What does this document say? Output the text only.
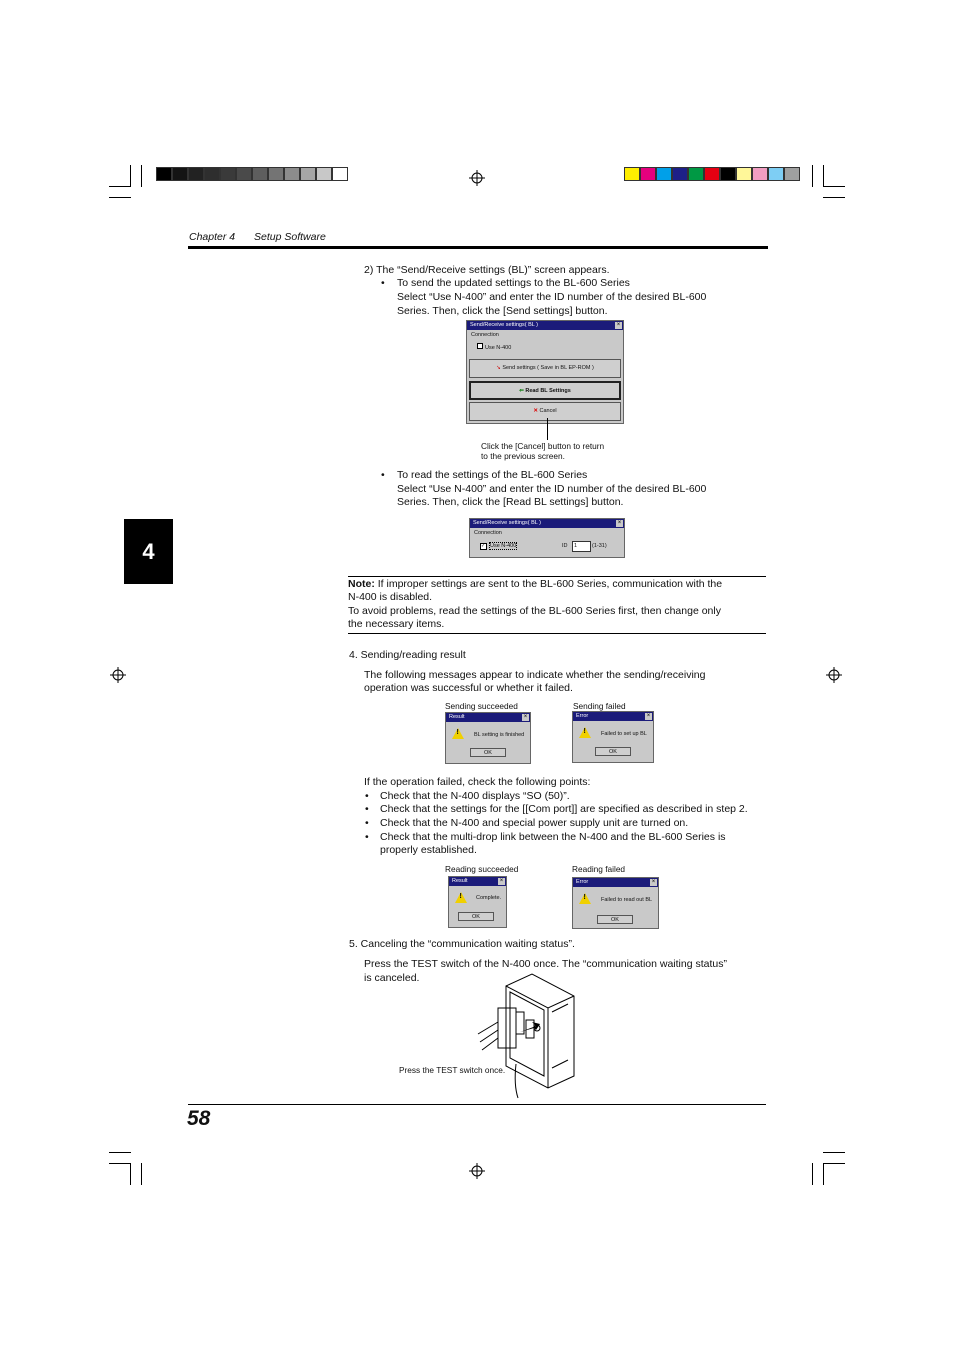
Chapter 4 Setup Software
4
2) The “Send/Receive settings (BL)” screen appears.
• To send the updated settings to the BL-600 Series
Select “Use N-400” and enter the ID number of the desired BL-600
Series. Then, click the [Send settings] button.
Send/Receive settings( BL )	×
Connection
Use N-400
↘ Send settings ( Save in BL EP-ROM )
⇐ Read BL Settings
✕ Cancel
Click the [Cancel] button to return
to the previous screen.
• To read the settings of the BL-600 Series
Select “Use N-400” and enter the ID number of the desired BL-600
Series. Then, click the [Read BL settings] button.
Send/Receive settings( BL )	×
Connection
✓ Use N-400	ID	1	(1-31)
Note: If improper settings are sent to the BL-600 Series, communication with the
N-400 is disabled.
To avoid problems, read the settings of the BL-600 Series first, then change only
the necessary items.
4. Sending/reading result
The following messages appear to indicate whether the sending/receiving
operation was successful or whether it failed.
Sending succeeded
Result	×
!
BL setting is finished
OK
Sending failed
Error	×
!
Failed to set up BL
OK
If the operation failed, check the following points:
• Check that the N-400 displays “SO (50)”.
• Check that the settings for the [[Com port]] are specified as described in step 2.
• Check that the N-400 and special power supply unit are turned on.
• Check that the multi-drop link between the N-400 and the BL-600 Series is
properly established.
Reading succeeded
Result	×
!
Complete.
OK
Reading failed
Error	×
!
Failed to read out BL
OK
5. Canceling the “communication waiting status”.
Press the TEST switch of the N-400 once. The “communication waiting status”
is canceled.
Press the TEST switch once.
58
